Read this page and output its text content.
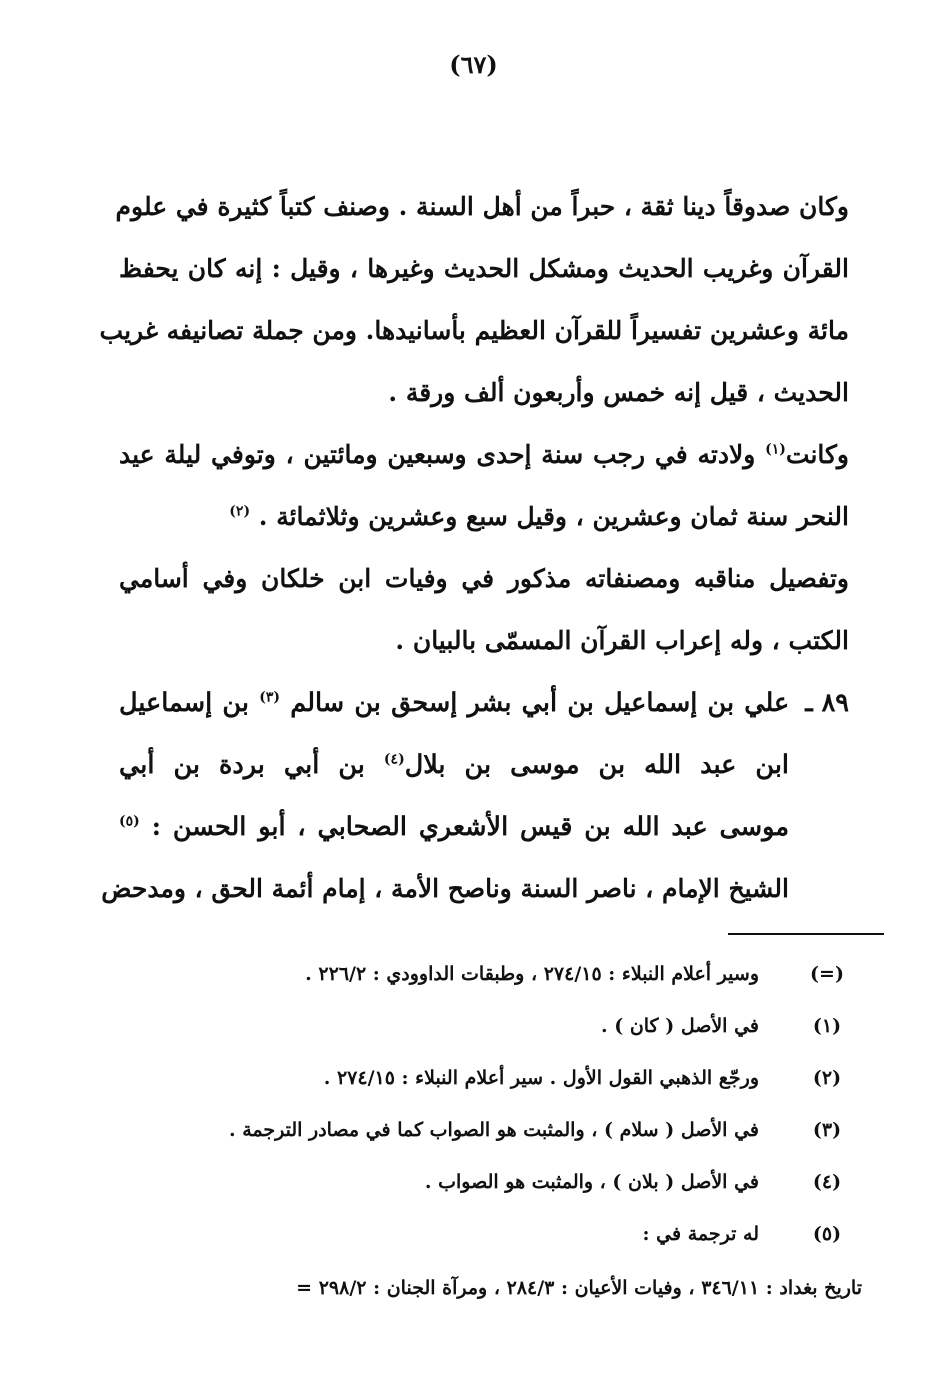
(٦٧)
وكان صدوقاً دينا ثقة ، حبراً من أهل السنة . وصنف كتباً كثيرة في علوم
القرآن وغريب الحديث ومشكل الحديث وغيرها ، وقيل : إنه كان يحفظ
مائة وعشرين تفسيراً للقرآن العظيم بأسانيدها. ومن جملة تصانيفه غريب
الحديث ، قيل إنه خمس وأربعون ألف ورقة .
وكانت$^{(١)}$ ولادته في رجب سنة إحدى وسبعين ومائتين ، وتوفي ليلة عيد
النحر سنة ثمان وعشرين ، وقيل سبع وعشرين وثلاثمائة . $^{(٢)}$
وتفصيل مناقبه ومصنفاته مذكور في وفيات ابن خلكان وفي أسامي
الكتب ، وله إعراب القرآن المسمّى بالبيان .
٨٩ ـعلي بن إسماعيل بن أبي بشر إسحق بن سالم $^{(٣)}$ بن إسماعيل
ابن عبد الله بن موسى بن بلال$^{(٤)}$ بن أبي بردة بن أبي
موسى عبد الله بن قيس الأشعري الصحابي ، أبو الحسن : $^{(٥)}$
الشيخ الإمام ، ناصر السنة وناصح الأمة ، إمام أئمة الحق ، ومدحض
(=)
وسير أعلام النبلاء : ٢٧٤/١٥ ، وطبقات الداوودي : ٢٢٦/٢ .
(١)
في الأصل ( كان ) .
(٢)
ورجّع الذهبي القول الأول . سير أعلام النبلاء : ٢٧٤/١٥ .
(٣)
في الأصل ( سلام ) ، والمثبت هو الصواب كما في مصادر الترجمة .
(٤)
في الأصل ( بلان ) ، والمثبت هو الصواب .
(٥)
له ترجمة في :
تاريخ بغداد : ٣٤٦/١١ ، وفيات الأعيان : ٢٨٤/٣ ، ومرآة الجنان : ٢٩٨/٢ =
